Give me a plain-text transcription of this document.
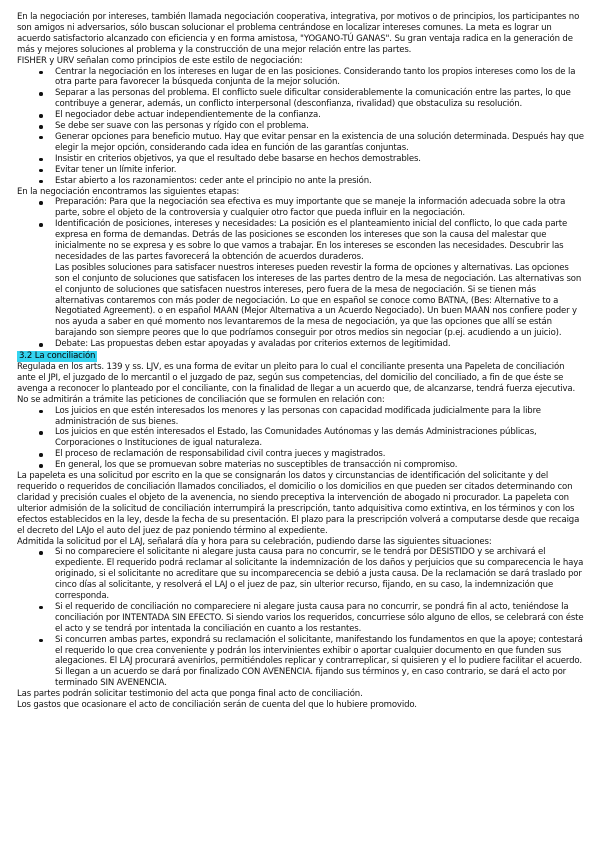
En la negociación por intereses, también llamada negociación cooperativa, integrativa, por motivos o de principios, los participantes no son amigos ni adversarios, sólo buscan solucionar el problema centrándose en localizar intereses comunes. La meta es lograr un acuerdo satisfactorio alcanzado con eficiencia y en forma amistosa, "YOGANO-TÚ GANAS". Su gran ventaja radica en la generación de más y mejores soluciones al problema y la construcción de una mejor relación entre las partes.

FISHER y URV señalan como principios de este estilo de negociación:

Centrar la negociación en los intereses en lugar de en las posiciones. Considerando tanto los propios intereses como los de la otra parte para favorecer la búsqueda conjunta de la mejor solución.
Separar a las personas del problema. El conflicto suele dificultar considerablemente la comunicación entre las partes, lo que contribuye a generar, además, un conflicto interpersonal (desconfianza, rivalidad) que obstaculiza su resolución.
El negociador debe actuar independientemente de la confianza.
Se debe ser suave con las personas y rígido con el problema.
Generar opciones para beneficio mutuo. Hay que evitar pensar en la existencia de una solución determinada. Después hay que elegir la mejor opción, considerando cada idea en función de las garantías conjuntas.
Insistir en criterios objetivos, ya que el resultado debe basarse en hechos demostrables.
Evitar tener un límite inferior.
Estar abierto a los razonamientos: ceder ante el principio no ante la presión.

En la negociación encontramos las siguientes etapas:

Preparación: Para que la negociación sea efectiva es muy importante que se maneje la información adecuada sobre la otra parte, sobre el objeto de la controversia y cualquier otro factor que pueda influir en la negociación.

Identificación de posiciones, intereses y necesidades: La posición es el planteamiento inicial del conflicto, lo que cada parte expresa en forma de demandas. Detrás de las posiciones se esconden los intereses que son la causa del malestar que inicialmente no se expresa y es sobre lo que vamos a trabajar. En los intereses se esconden las necesidades. Descubrir las necesidades de las partes favorecerá la obtención de acuerdos duraderos.

Las posibles soluciones para satisfacer nuestros intereses pueden revestir la forma de opciones y alternativas. Las opciones son el conjunto de soluciones que satisfacen los intereses de las partes dentro de la mesa de negociación. Las alternativas son el conjunto de soluciones que satisfacen nuestros intereses, pero fuera de la mesa de negociación. Si se tienen más alternativas contaremos con más poder de negociación. Lo que en español se conoce como BATNA, (Bes: Alternative to a Negotiated Agreement). o en español MAAN (Mejor Alternativa a un Acuerdo Negociado). Un buen MAAN nos confiere poder y nos ayuda a saber en qué momento nos levantaremos de la mesa de negociación, ya que las opciones que allí se están barajando son siempre peores que lo que podríamos conseguir por otros medios sin negociar (p.ej. acudiendo a un juicio).

Debate: Las propuestas deben estar apoyadas y avaladas por criterios externos de legitimidad.

3.2 La conciliación

Regulada en los arts. 139 y ss. LJV, es una forma de evitar un pleito para lo cual el conciliante presenta una Papeleta de conciliación ante el JPI, el juzgado de lo mercantil o el juzgado de paz, según sus competencias, del domicilio del conciliado, a fin de que éste se avenga a reconocer lo planteado por el conciliante, con la finalidad de llegar a un acuerdo que, de alcanzarse, tendrá fuerza ejecutiva.

No se admitirán a trámite las peticiones de conciliación que se formulen en relación con:

Los juicios en que estén interesados los menores y las personas con capacidad modificada judicialmente para la libre administración de sus bienes.
Los juicios en que estén interesados el Estado, las Comunidades Autónomas y las demás Administraciones públicas, Corporaciones o Instituciones de igual naturaleza.
El proceso de reclamación de responsabilidad civil contra jueces y magistrados.
En general, los que se promuevan sobre materias no susceptibles de transacción ni compromiso.

La papeleta es una solicitud por escrito en la que se consignarán los datos y circunstancias de identificación del solicitante y del requerido o requeridos de conciliación llamados conciliados, el domicilio o los domicilios en que pueden ser citados determinando con claridad y precisión cuales el objeto de la avenencia, no siendo preceptiva la intervención de abogado ni procurador. La papeleta con ulterior admisión de la solicitud de conciliación interrumpirá la prescripción, tanto adquisitiva como extintiva, en los términos y con los efectos establecidos en la ley, desde la fecha de su presentación. El plazo para la prescripción volverá a computarse desde que recaiga el decreto del LAJo el auto del juez de paz poniendo término al expediente.

Admitida la solicitud por el LAJ, señalará día y hora para su celebración, pudiendo darse las siguientes situaciones:

Si no compareciere el solicitante ni alegare justa causa para no concurrir, se le tendrá por DESISTIDO y se archivará el expediente. El requerido podrá reclamar al solicitante la indemnización de los daños y perjuicios que su comparecencia le haya originado, si el solicitante no acreditare que su incomparecencia se debió a justa causa. De la reclamación se dará traslado por cinco días al solicitante, y resolverá el LAJ o el juez de paz, sin ulterior recurso, fijando, en su caso, la indemnización que corresponda.
Si el requerido de conciliación no compareciere ni alegare justa causa para no concurrir, se pondrá fin al acto, teniéndose la conciliación por INTENTADA SIN EFECTO. Si siendo varios los requeridos, concurriese sólo alguno de ellos, se celebrará con éste el acto y se tendrá por intentada la conciliación en cuanto a los restantes.
Si concurren ambas partes, expondrá su reclamación el solicitante, manifestando los fundamentos en que la apoye; contestará el requerido lo que crea conveniente y podrán los intervinientes exhibir o aportar cualquier documento en que funden sus alegaciones. El LAJ procurará avenirlos, permitiéndoles replicar y contrarreplicar, si quisieren y el lo pudiere facilitar el acuerdo. Si llegan a un acuerdo se dará por finalizado CON AVENENCIA. fijando sus términos y, en caso contrario, se dará el acto por terminado SIN AVENENCIA.

Las partes podrán solicitar testimonio del acta que ponga final acto de conciliación.

Los gastos que ocasionare el acto de conciliación serán de cuenta del que lo hubiere promovido.
